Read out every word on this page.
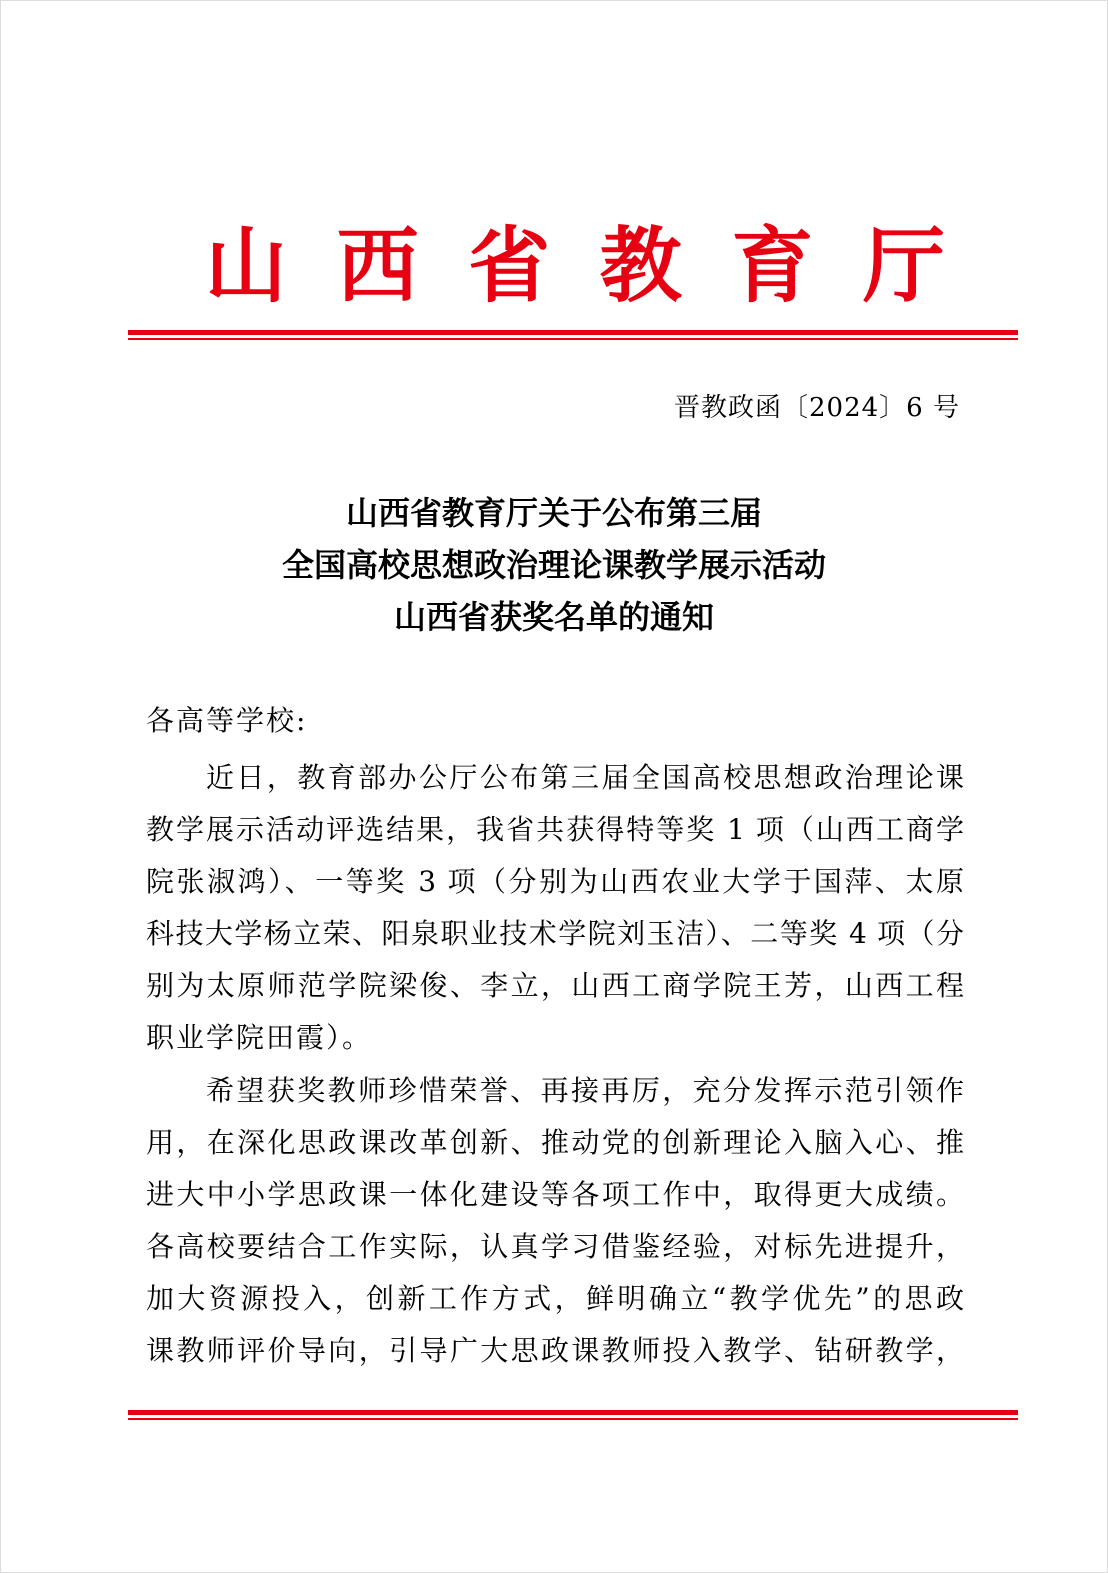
山 西 省 教 育 厅
晋教政函〔2024〕6 号
山西省教育厅关于公布第三届
全国高校思想政治理论课教学展示活动
山西省获奖名单的通知
各高等学校:
近日，教育部办公厅公布第三届全国高校思想政治理论课
教学展示活动评选结果，我省共获得特等奖 1 项（山西工商学
院张淑鸿）、一等奖 3 项（分别为山西农业大学于国萍、太原
科技大学杨立荣、阳泉职业技术学院刘玉洁）、二等奖 4 项（分
别为太原师范学院梁俊、李立，山西工商学院王芳，山西工程
职业学院田霞）。
希望获奖教师珍惜荣誉、再接再厉，充分发挥示范引领作
用，在深化思政课改革创新、推动党的创新理论入脑入心、推
进大中小学思政课一体化建设等各项工作中，取得更大成绩。
各高校要结合工作实际，认真学习借鉴经验，对标先进提升，
加大资源投入，创新工作方式，鲜明确立“教学优先”的思政
课教师评价导向，引导广大思政课教师投入教学、钻研教学，
